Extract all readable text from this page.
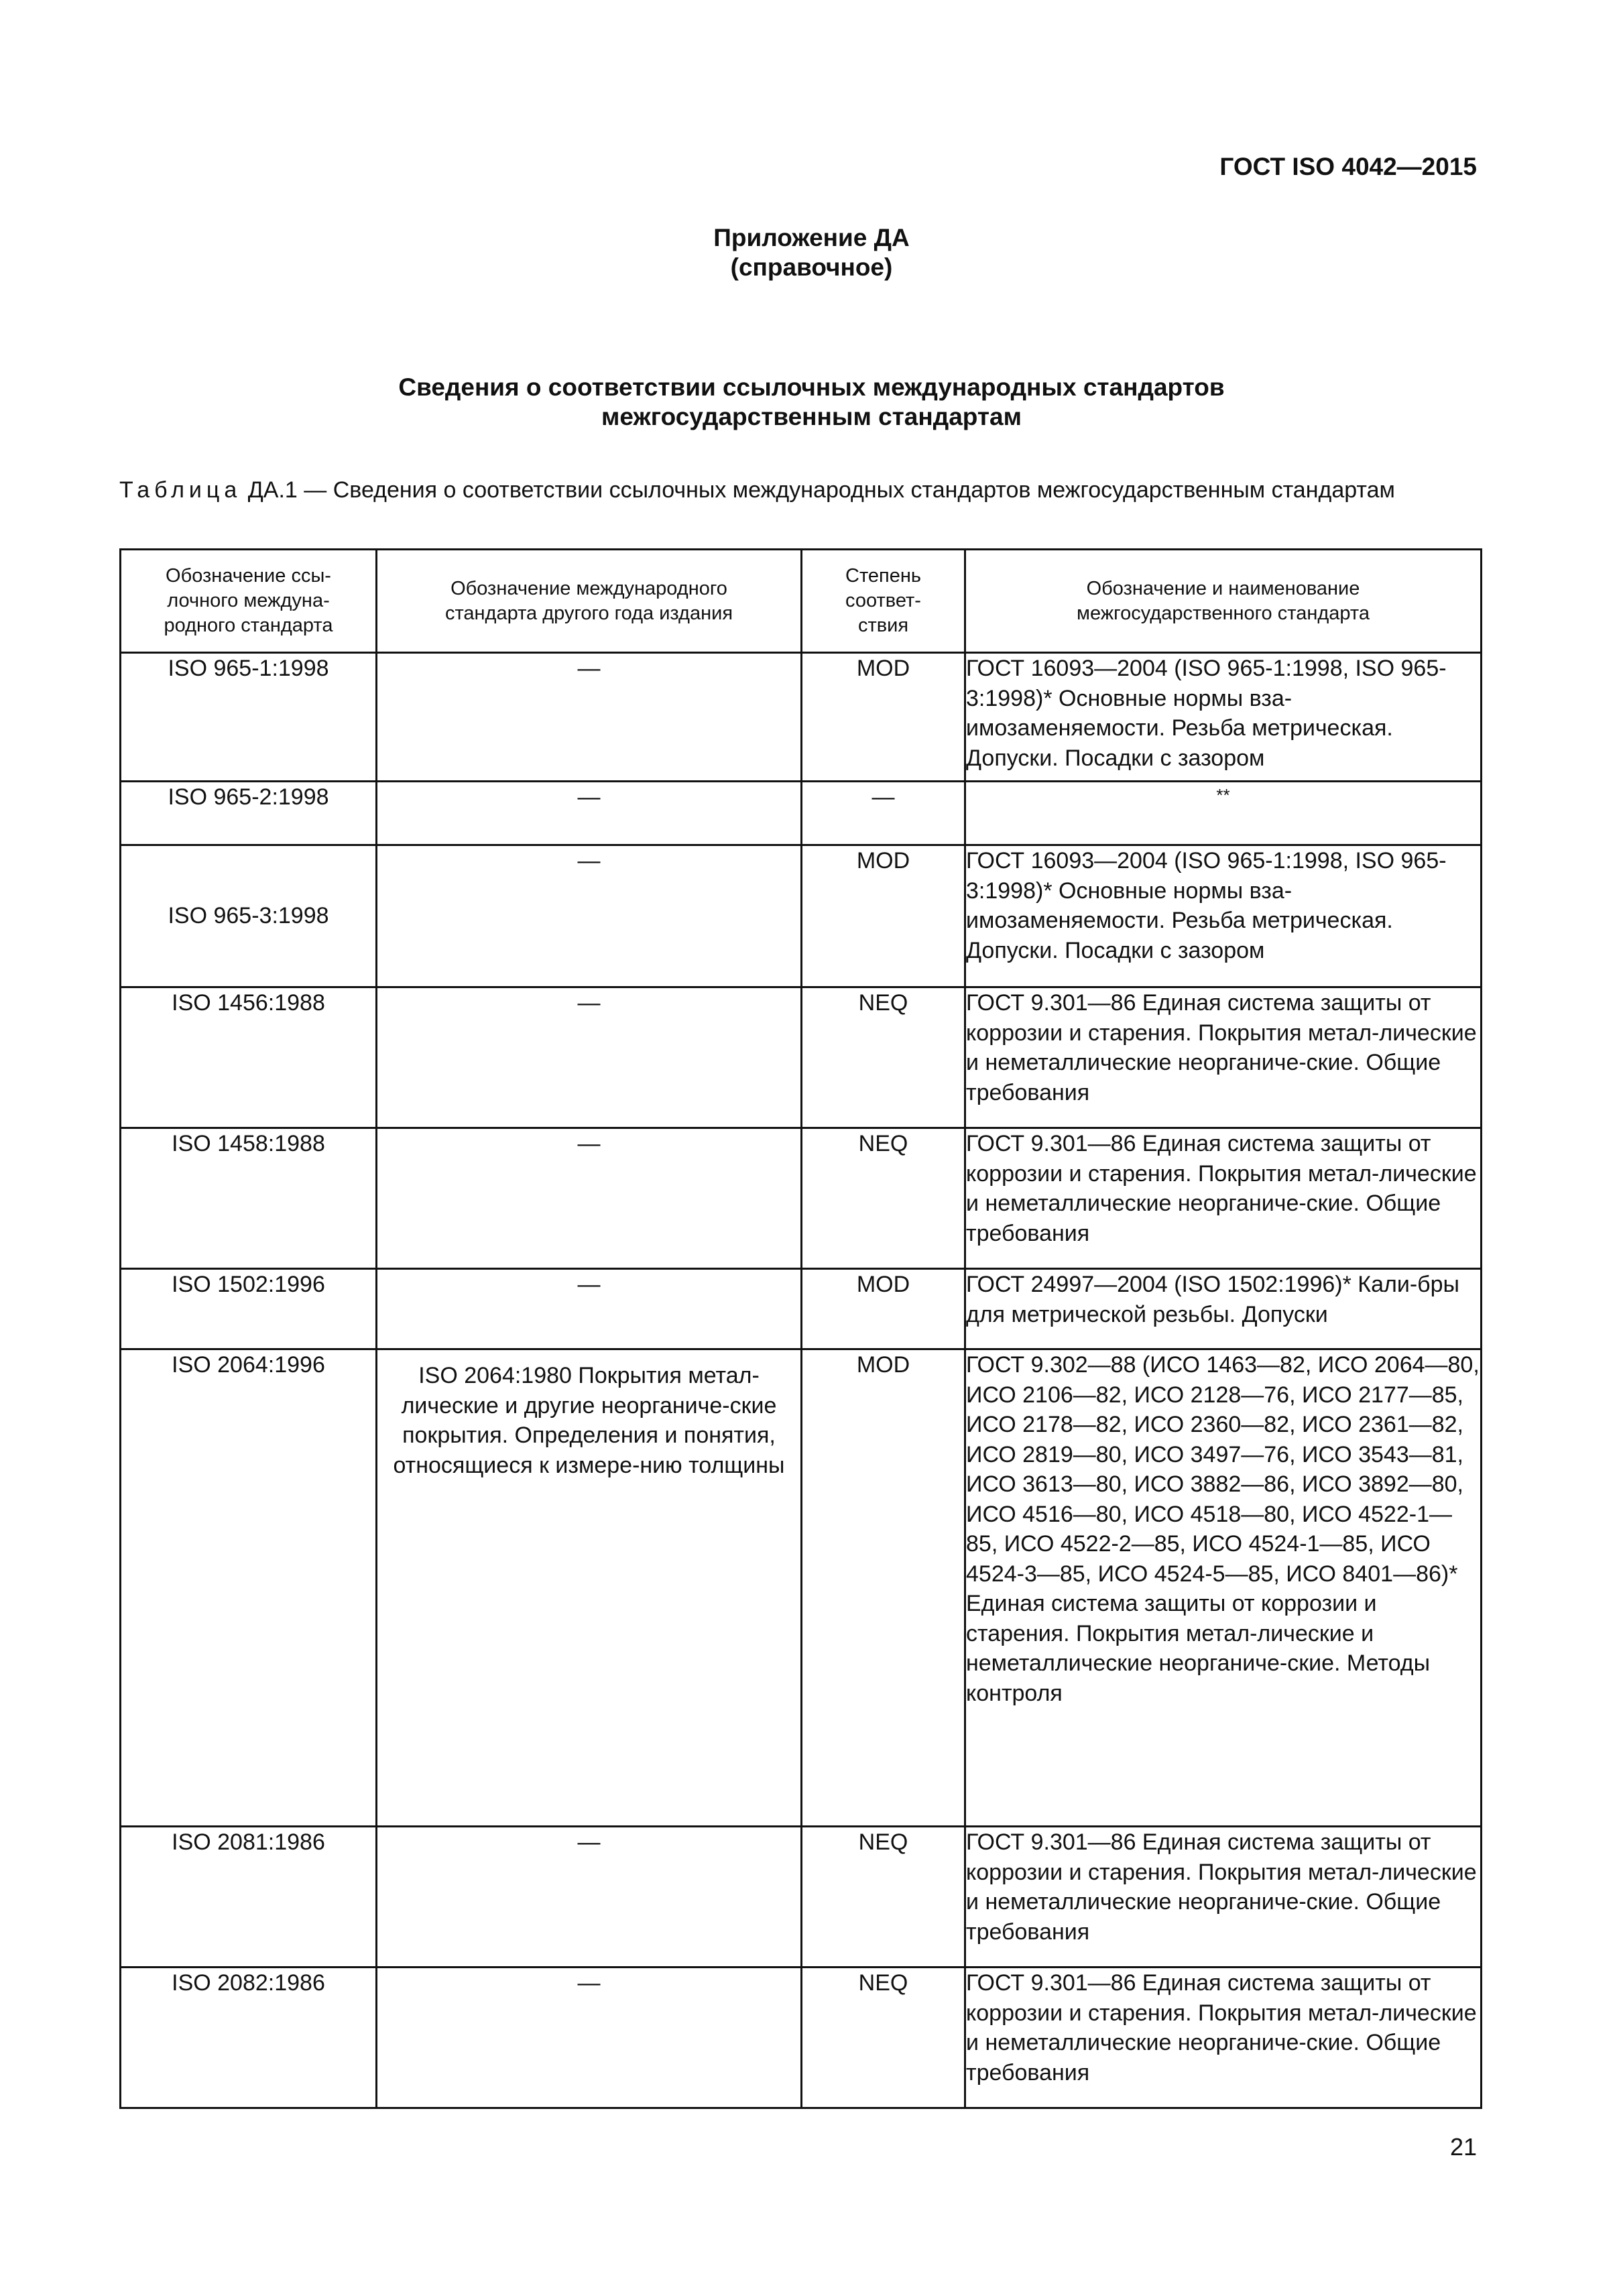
ГОСТ ISO 4042—2015
Приложение ДА
(справочное)
Сведения о соответствии ссылочных международных стандартов
межгосударственным стандартам
Таблица ДА.1 — Сведения о соответствии ссылочных международных стандартов межгосударственным стандартам
Обозначение ссы-лочного междуна-родного стандарта	Обозначение международного стандарта другого года издания	Степень соответ-ствия	Обозначение и наименование межгосударственного стандарта
ISO 965-1:1998	—	MOD	ГОСТ 16093—2004 (ISO 965-1:1998, ISO 965-3:1998)* Основные нормы вза-имозаменяемости. Резьба метрическая. Допуски. Посадки с зазором
ISO 965-2:1998	—	—	**
ISO 965-3:1998	—	MOD	ГОСТ 16093—2004 (ISO 965-1:1998, ISO 965-3:1998)* Основные нормы вза-имозаменяемости. Резьба метрическая. Допуски. Посадки с зазором
ISO 1456:1988	—	NEQ	ГОСТ 9.301—86 Единая система защиты от коррозии и старения. Покрытия метал-лические и неметаллические неорганиче-ские. Общие требования
ISO 1458:1988	—	NEQ	ГОСТ 9.301—86 Единая система защиты от коррозии и старения. Покрытия метал-лические и неметаллические неорганиче-ские. Общие требования
ISO 1502:1996	—	MOD	ГОСТ 24997—2004 (ISO 1502:1996)* Кали-бры для метрической резьбы. Допуски
ISO 2064:1996	ISO 2064:1980 Покрытия метал-лические и другие неорганиче-ские покрытия. Определения и понятия, относящиеся к измере-нию толщины	MOD	ГОСТ 9.302—88 (ИСО 1463—82, ИСО 2064—80, ИСО 2106—82, ИСО 2128—76, ИСО 2177—85, ИСО 2178—82, ИСО 2360—82, ИСО 2361—82, ИСО 2819—80, ИСО 3497—76, ИСО 3543—81, ИСО 3613—80, ИСО 3882—86, ИСО 3892—80, ИСО 4516—80, ИСО 4518—80, ИСО 4522-1—85, ИСО 4522-2—85, ИСО 4524-1—85, ИСО 4524-3—85, ИСО 4524-5—85, ИСО 8401—86)* Единая система защиты от коррозии и старения. Покрытия метал-лические и неметаллические неорганиче-ские. Методы контроля
ISO 2081:1986	—	NEQ	ГОСТ 9.301—86 Единая система защиты от коррозии и старения. Покрытия метал-лические и неметаллические неорганиче-ские. Общие требования
ISO 2082:1986	—	NEQ	ГОСТ 9.301—86 Единая система защиты от коррозии и старения. Покрытия метал-лические и неметаллические неорганиче-ские. Общие требования
21
